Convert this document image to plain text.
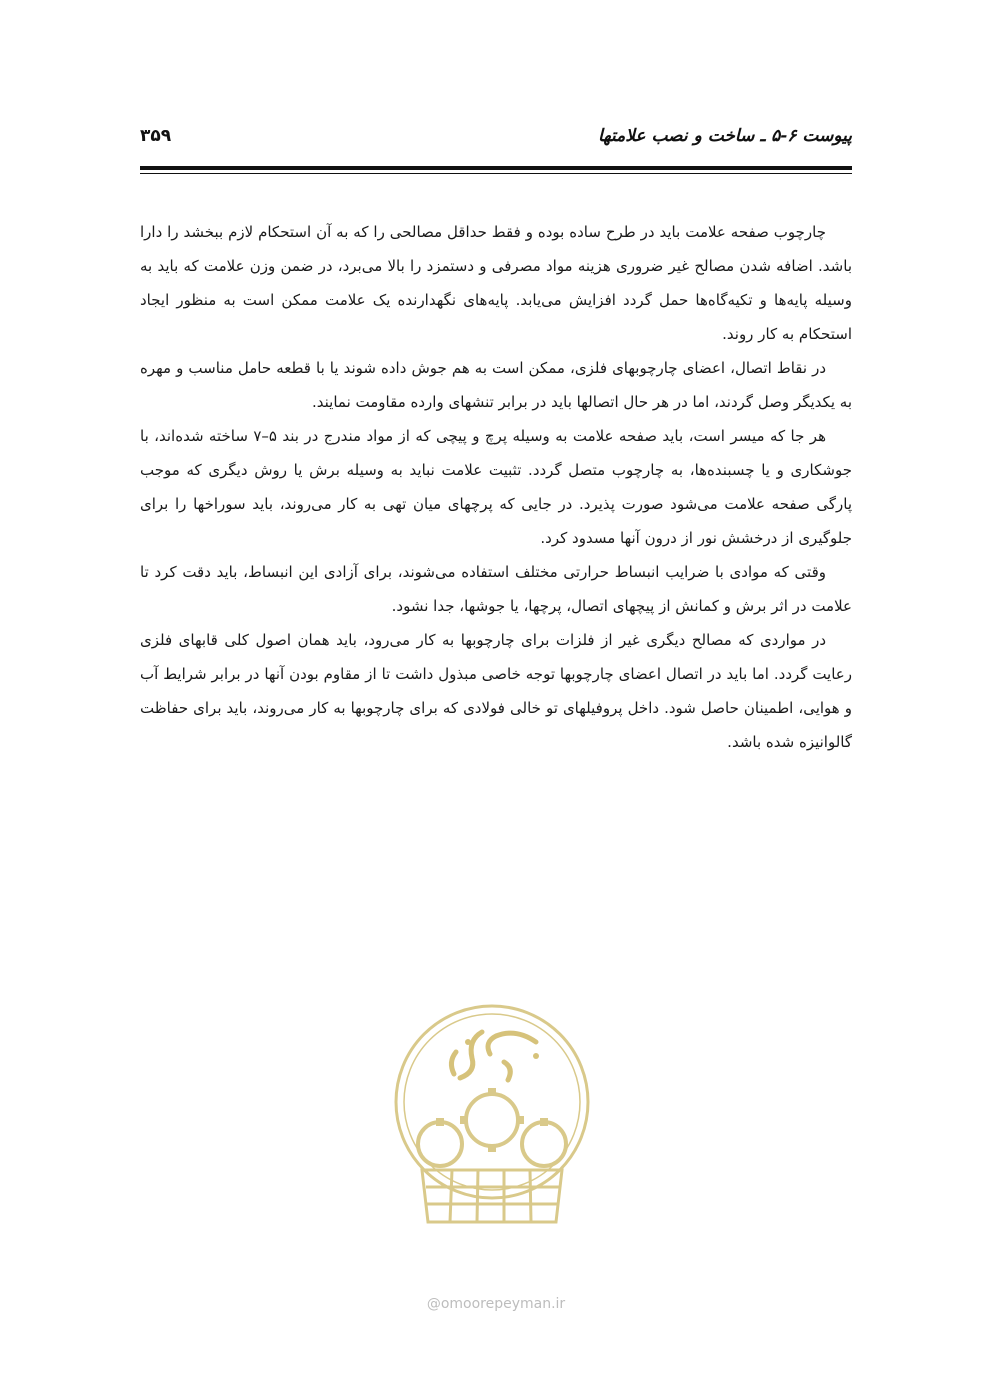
پیوست ۶-۵ ـ ساخت و نصب علامتها
۳۵۹

چارچوب صفحه علامت باید در طرح ساده بوده و فقط حداقل مصالحی را که به آن استحکام لازم ببخشد را دارا باشد. اضافه شدن مصالح غیر ضروری هزینه مواد مصرفی و دستمزد را بالا می‌برد، در ضمن وزن علامت که باید به وسیله پایه‌ها و تکیه‌گاه‌ها حمل گردد افزایش می‌یابد. پایه‌های نگهدارنده یک علامت ممکن است به منظور ایجاد استحکام به کار روند.

در نقاط اتصال، اعضای چارچوبهای فلزی، ممکن است به هم جوش داده شوند یا با قطعه حامل مناسب و مهره به یکدیگر وصل گردند، اما در هر حال اتصالها باید در برابر تنشهای وارده مقاومت نمایند.

هر جا که میسر است، باید صفحه علامت به وسیله پرچ و پیچی که از مواد مندرج در بند ۵–۷ ساخته شده‌اند، با جوشکاری و یا چسبنده‌ها، به چارچوب متصل گردد. تثبیت علامت نباید به وسیله برش یا روش دیگری که موجب پارگی صفحه علامت می‌شود صورت پذیرد. در جایی که پرچهای میان تهی به کار می‌روند، باید سوراخها را برای جلوگیری از درخشش نور از درون آنها مسدود کرد.

وقتی که موادی با ضرایب انبساط حرارتی مختلف استفاده می‌شوند، برای آزادی این انبساط، باید دقت کرد تا علامت در اثر برش و کمانش از پیچهای اتصال، پرچها، یا جوشها، جدا نشود.

در مواردی که مصالح دیگری غیر از فلزات برای چارچوبها به کار می‌رود، باید همان اصول کلی قابهای فلزی رعایت گردد. اما باید در اتصال اعضای چارچوبها توجه خاصی مبذول داشت تا از مقاوم بودن آنها در برابر شرایط آب و هوایی، اطمینان حاصل شود. داخل پروفیلهای تو خالی فولادی که برای چارچوبها به کار می‌روند، باید برای حفاظت گالوانیزه شده باشد.

@omoorepeyman.ir
